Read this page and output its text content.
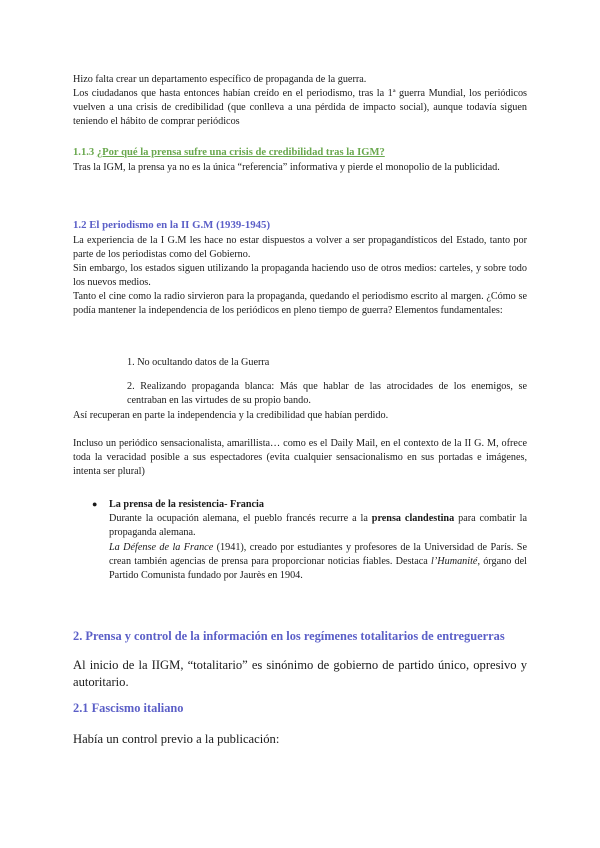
Hizo falta crear un departamento específico de propaganda de la guerra.

Los ciudadanos que hasta entonces habían creído en el periodismo, tras la 1ª guerra Mundial, los periódicos vuelven a una crisis de credibilidad (que conlleva a una pérdida de impacto social), aunque todavía siguen teniendo el hábito de comprar periódicos

1.1.3 ¿Por qué la prensa sufre una crisis de credibilidad tras la IGM?

Tras la IGM, la prensa ya no es la única “referencia” informativa y pierde el monopolio de la publicidad.

1.2 El periodismo en la II G.M (1939-1945)

La experiencia de la I G.M les hace no estar dispuestos a volver a ser propagandísticos del Estado, tanto por parte de los periodistas como del Gobierno.

Sin embargo, los estados siguen utilizando la propaganda haciendo uso de otros medios: carteles, y sobre todo los nuevos medios.

Tanto el cine como la radio sirvieron para la propaganda, quedando el periodismo escrito al margen. ¿Cómo se podía mantener la independencia de los periódicos en pleno tiempo de guerra? Elementos fundamentales:

1. No ocultando datos de la Guerra

2. Realizando propaganda blanca: Más que hablar de las atrocidades de los enemigos, se centraban en las virtudes de su propio bando.

Así recuperan en parte la independencia y la credibilidad que habían perdido.

Incluso un periódico sensacionalista, amarillista… como es el Daily Mail, en el contexto de la II G. M, ofrece toda la veracidad posible a sus espectadores (evita cualquier sensacionalismo en sus portadas e imágenes, intenta ser plural)

● La prensa de la resistencia- Francia
Durante la ocupación alemana, el pueblo francés recurre a la prensa clandestina para combatir la propaganda alemana.
La Défense de la France (1941), creado por estudiantes y profesores de la Universidad de París. Se crean también agencias de prensa para proporcionar noticias fiables. Destaca l’Humanité, órgano del Partido Comunista fundado por Jaurès en 1904.

2. Prensa y control de la información en los regímenes totalitarios de entreguerras

Al inicio de la IIGM, “totalitario” es sinónimo de gobierno de partido único, opresivo y autoritario.

2.1 Fascismo italiano

Había un control previo a la publicación:
